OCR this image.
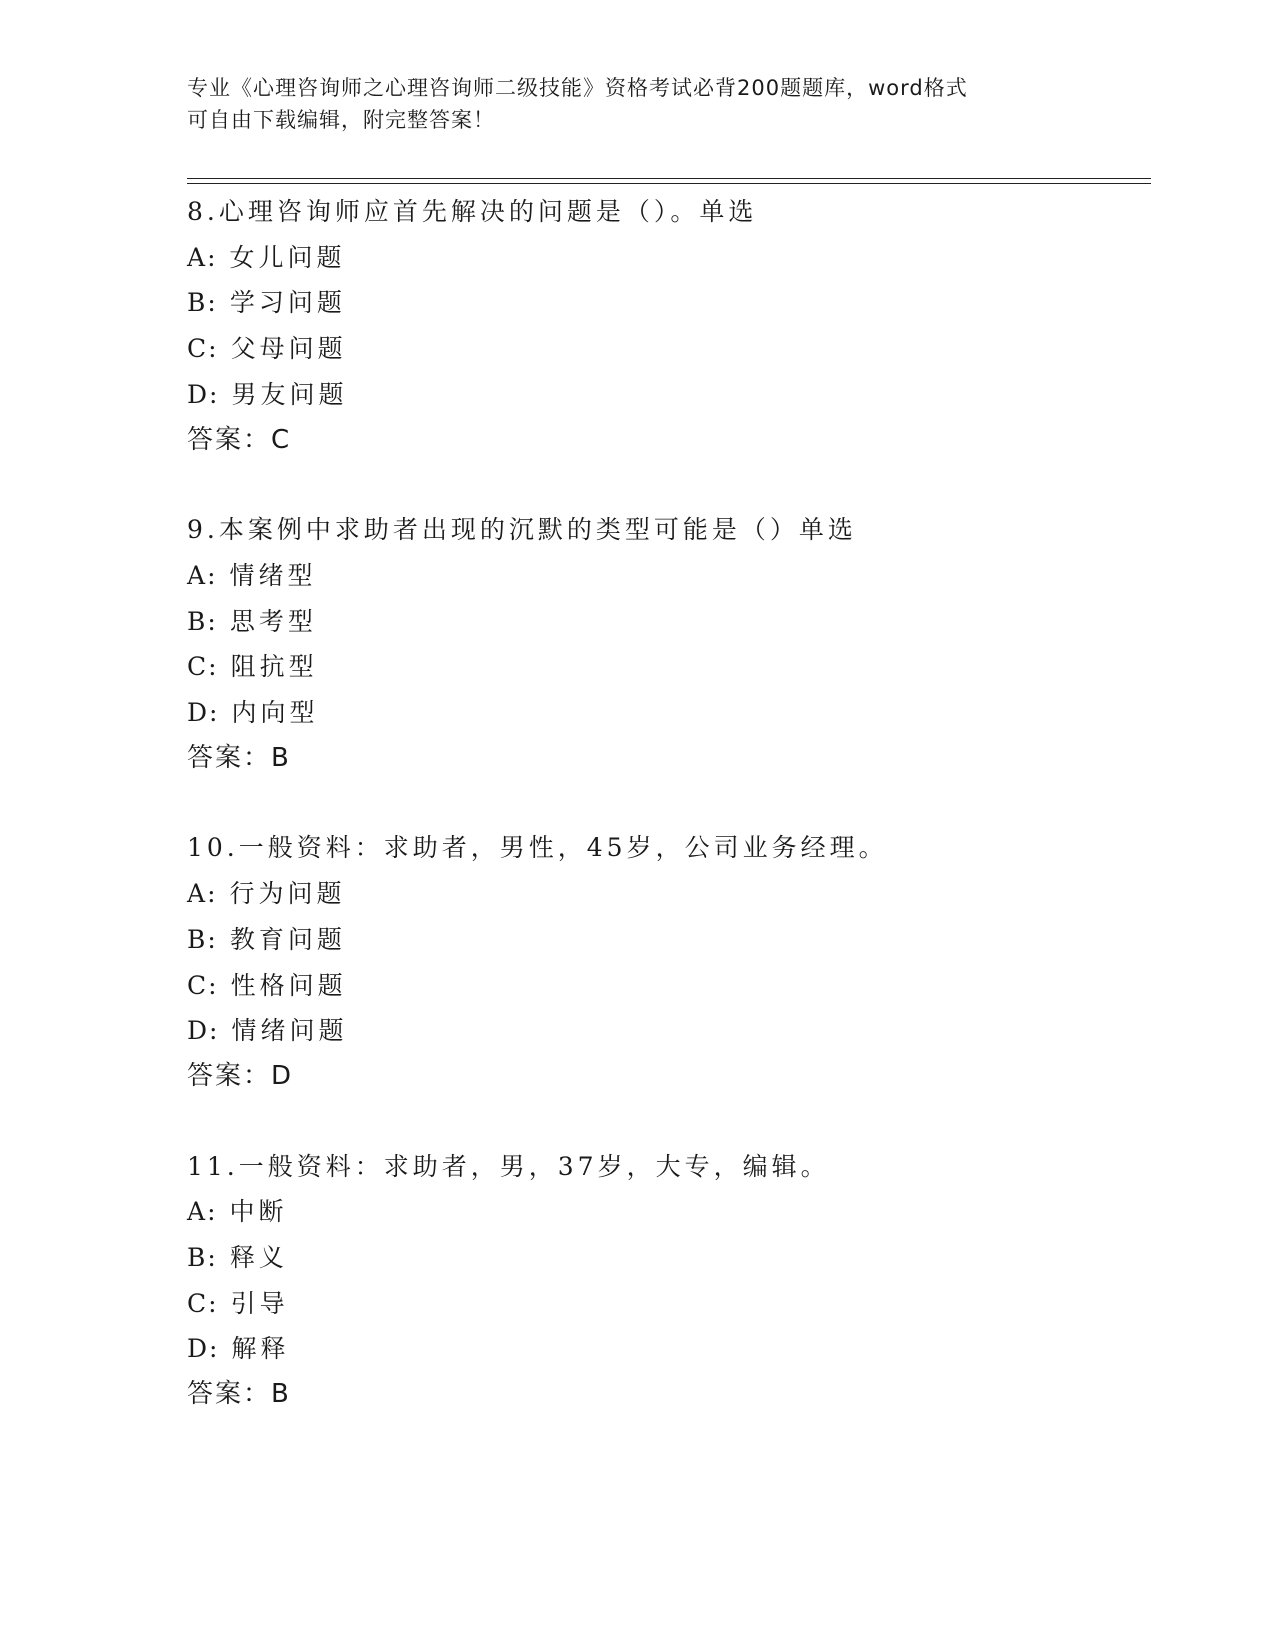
专业《心理咨询师之心理咨询师二级技能》资格考试必背200题题库，word格式
可自由下载编辑，附完整答案！
8.心理咨询师应首先解决的问题是（）。单选
A: 女儿问题
B: 学习问题
C: 父母问题
D: 男友问题
答案：C
9.本案例中求助者出现的沉默的类型可能是（）单选
A: 情绪型
B: 思考型
C: 阻抗型
D: 内向型
答案：B
10.一般资料：求助者，男性，45岁，公司业务经理。
A: 行为问题
B: 教育问题
C: 性格问题
D: 情绪问题
答案：D
11.一般资料：求助者，男，37岁，大专，编辑。
A: 中断
B: 释义
C: 引导
D: 解释
答案：B
